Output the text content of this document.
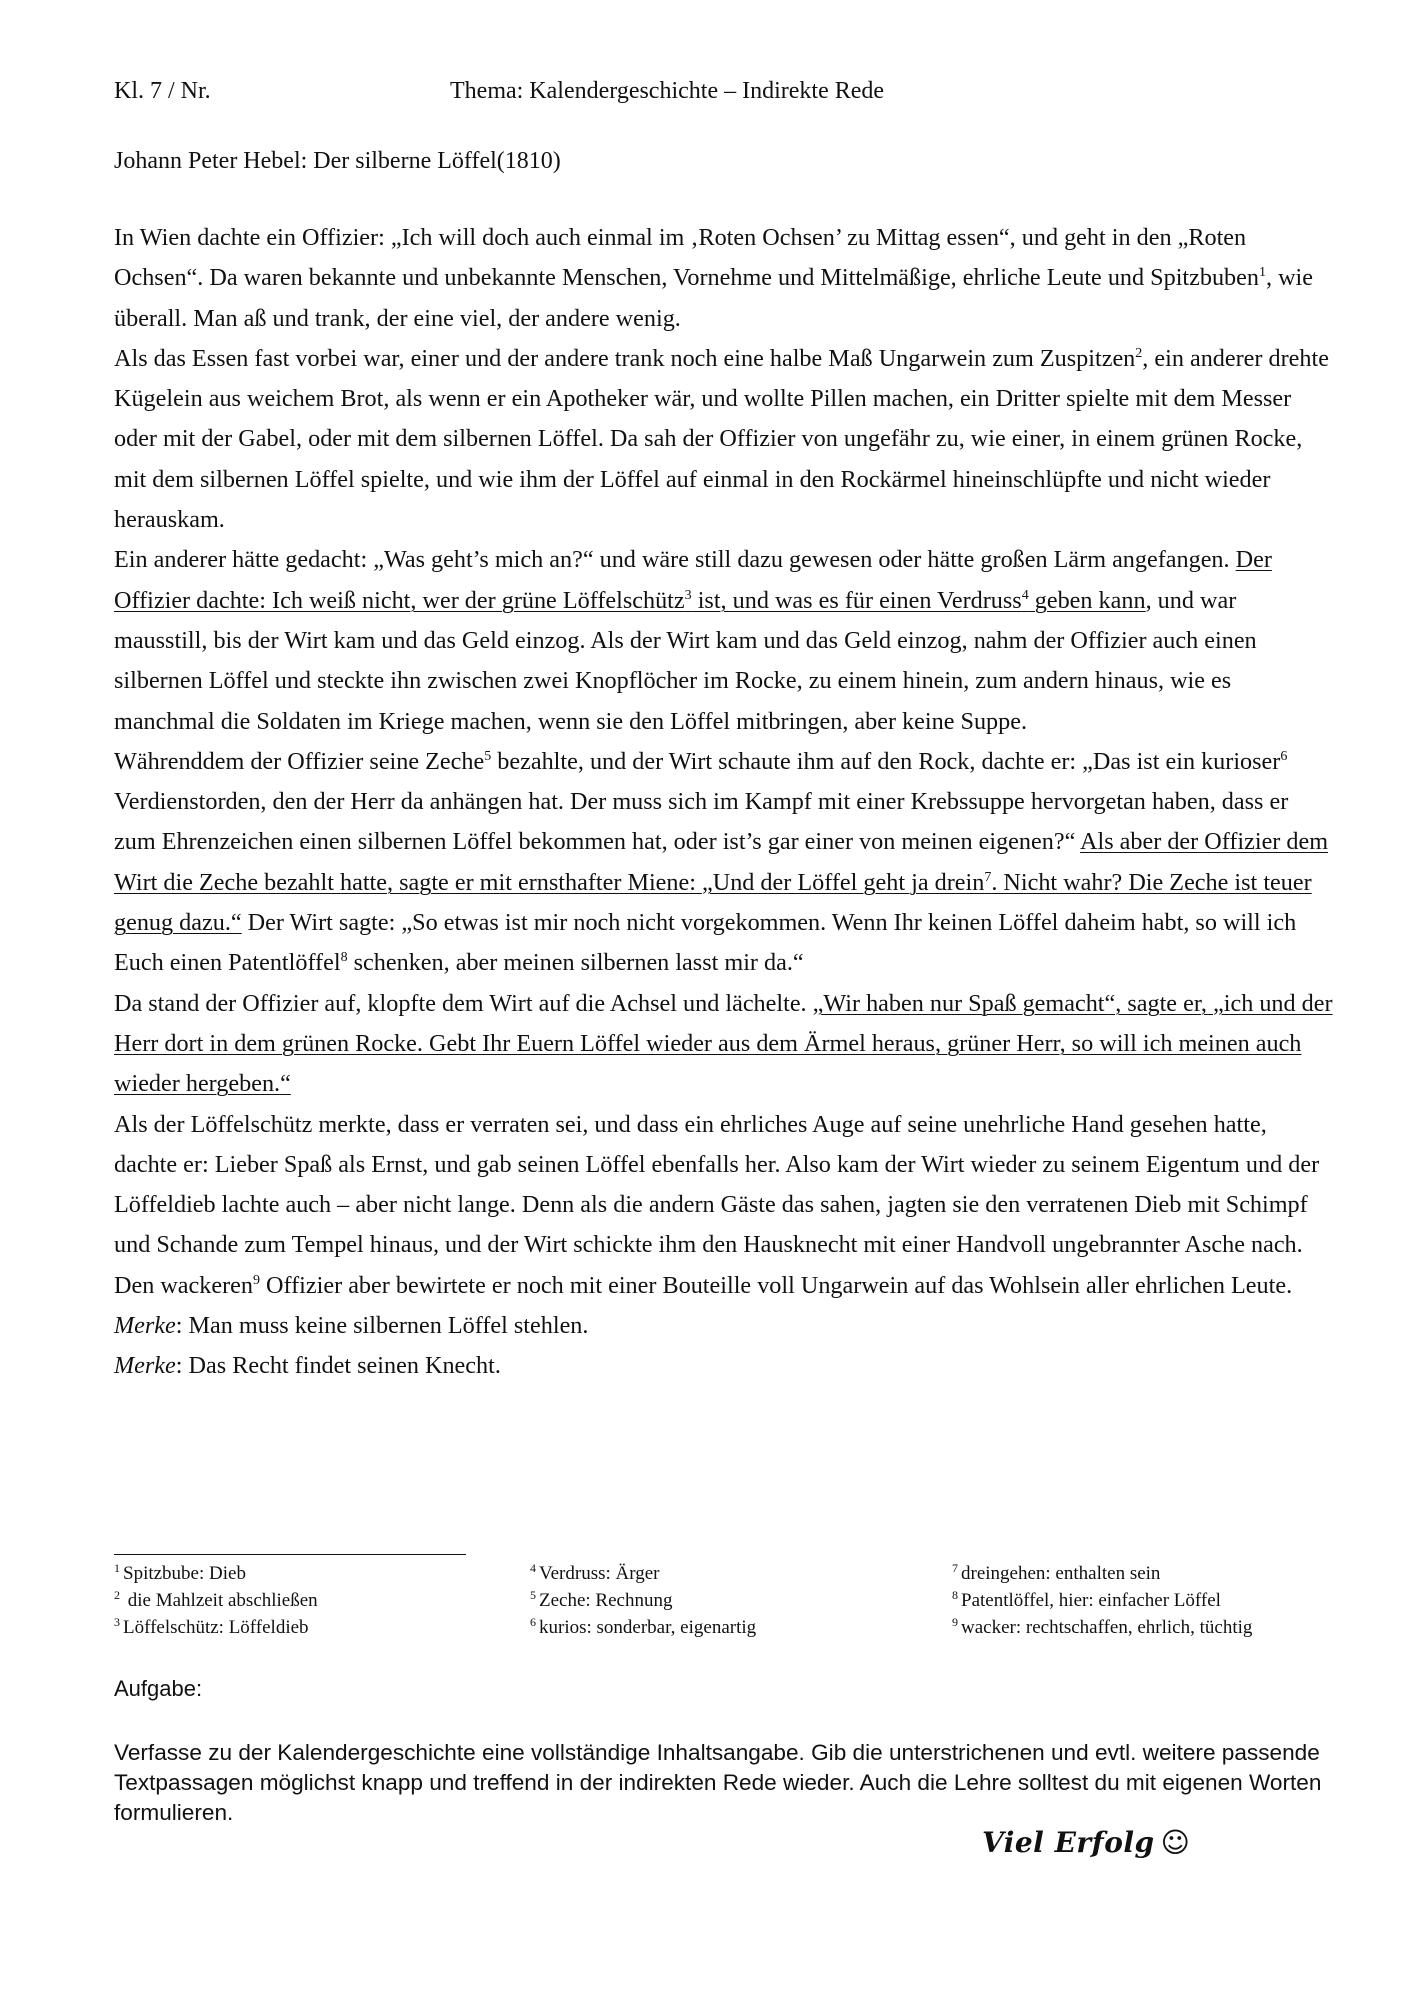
Kl. 7 / Nr.	Thema: Kalendergeschichte – Indirekte Rede
Johann Peter Hebel: Der silberne Löffel(1810)

In Wien dachte ein Offizier: „Ich will doch auch einmal im ‚Roten Ochsen’ zu Mittag essen“, und geht in den „Roten Ochsen“. Da waren bekannte und unbekannte Menschen, Vornehme und Mittelmäßige, ehrliche Leute und Spitzbuben$^1$, wie überall. Man aß und trank, der eine viel, der andere wenig.

Als das Essen fast vorbei war, einer und der andere trank noch eine halbe Maß Ungarwein zum Zuspitzen$^2$, ein anderer drehte Kügelein aus weichem Brot, als wenn er ein Apotheker wär, und wollte Pillen machen, ein Dritter spielte mit dem Messer oder mit der Gabel, oder mit dem silbernen Löffel. Da sah der Offizier von ungefähr zu, wie einer, in einem grünen Rocke, mit dem silbernen Löffel spielte, und wie ihm der Löffel auf einmal in den Rockärmel hineinschlüpfte und nicht wieder herauskam.

Ein anderer hätte gedacht: „Was geht’s mich an?“ und wäre still dazu gewesen oder hätte großen Lärm angefangen. Der Offizier dachte: Ich weiß nicht, wer der grüne Löffelschütz$^3$ ist, und was es für einen Verdruss$^4$ geben kann, und war mausstill, bis der Wirt kam und das Geld einzog. Als der Wirt kam und das Geld einzog, nahm der Offizier auch einen silbernen Löffel und steckte ihn zwischen zwei Knopflöcher im Rocke, zu einem hinein, zum andern hinaus, wie es manchmal die Soldaten im Kriege machen, wenn sie den Löffel mitbringen, aber keine Suppe.

Währenddem der Offizier seine Zeche$^5$ bezahlte, und der Wirt schaute ihm auf den Rock, dachte er: „Das ist ein kurioser$^6$ Verdienstorden, den der Herr da anhängen hat. Der muss sich im Kampf mit einer Krebssuppe hervorgetan haben, dass er zum Ehrenzeichen einen silbernen Löffel bekommen hat, oder ist’s gar einer von meinen eigenen?“ Als aber der Offizier dem Wirt die Zeche bezahlt hatte, sagte er mit ernsthafter Miene: „Und der Löffel geht ja drein$^7$. Nicht wahr? Die Zeche ist teuer genug dazu.“ Der Wirt sagte: „So etwas ist mir noch nicht vorgekommen. Wenn Ihr keinen Löffel daheim habt, so will ich Euch einen Patentlöffel$^8$ schenken, aber meinen silbernen lasst mir da.“

Da stand der Offizier auf, klopfte dem Wirt auf die Achsel und lächelte. „Wir haben nur Spaß gemacht“, sagte er, „ich und der Herr dort in dem grünen Rocke. Gebt Ihr Euern Löffel wieder aus dem Ärmel heraus, grüner Herr, so will ich meinen auch wieder hergeben.“

Als der Löffelschütz merkte, dass er verraten sei, und dass ein ehrliches Auge auf seine unehrliche Hand gesehen hatte, dachte er: Lieber Spaß als Ernst, und gab seinen Löffel ebenfalls her. Also kam der Wirt wieder zu seinem Eigentum und der Löffeldieb lachte auch – aber nicht lange. Denn als die andern Gäste das sahen, jagten sie den verratenen Dieb mit Schimpf und Schande zum Tempel hinaus, und der Wirt schickte ihm den Hausknecht mit einer Handvoll ungebrannter Asche nach. Den wackeren$^9$ Offizier aber bewirtete er noch mit einer Bouteille voll Ungarwein auf das Wohlsein aller ehrlichen Leute.

Merke: Man muss keine silbernen Löffel stehlen.

Merke: Das Recht findet seinen Knecht.

$^1$ Spitzbube: Dieb
$^2$ die Mahlzeit abschließen
$^3$ Löffelschütz: Löffeldieb
$^4$ Verdruss: Ärger
$^5$ Zeche: Rechnung
$^6$ kurios: sonderbar, eigenartig
$^7$ dreingehen: enthalten sein
$^8$ Patentlöffel, hier: einfacher Löffel
$^9$ wacker: rechtschaffen, ehrlich, tüchtig
Aufgabe:

Verfasse zu der Kalendergeschichte eine vollständige Inhaltsangabe. Gib die unterstrichenen und evtl. weitere passende Textpassagen möglichst knapp und treffend in der indirekten Rede wieder. Auch die Lehre solltest du mit eigenen Worten formulieren.

Viel Erfolg ☺
